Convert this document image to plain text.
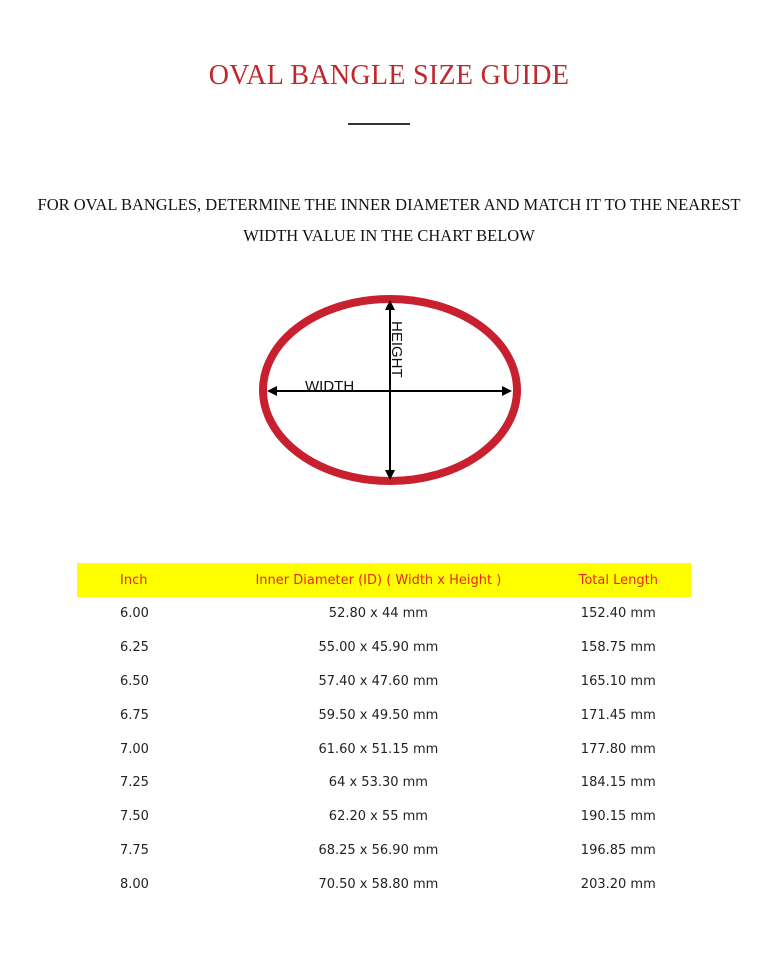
OVAL BANGLE SIZE GUIDE
FOR OVAL BANGLES, DETERMINE THE INNER DIAMETER AND MATCH IT TO THE NEAREST
WIDTH VALUE IN THE CHART BELOW
WIDTH
HEIGHT
Inch	Inner Diameter (ID) ( Width x Height )	Total Length
6.00	52.80 x 44 mm	152.40 mm
6.25	55.00 x 45.90 mm	158.75 mm
6.50	57.40 x 47.60 mm	165.10 mm
6.75	59.50 x 49.50 mm	171.45 mm
7.00	61.60 x 51.15 mm	177.80 mm
7.25	64 x 53.30 mm	184.15 mm
7.50	62.20 x 55 mm	190.15 mm
7.75	68.25 x 56.90 mm	196.85 mm
8.00	70.50 x 58.80 mm	203.20 mm
